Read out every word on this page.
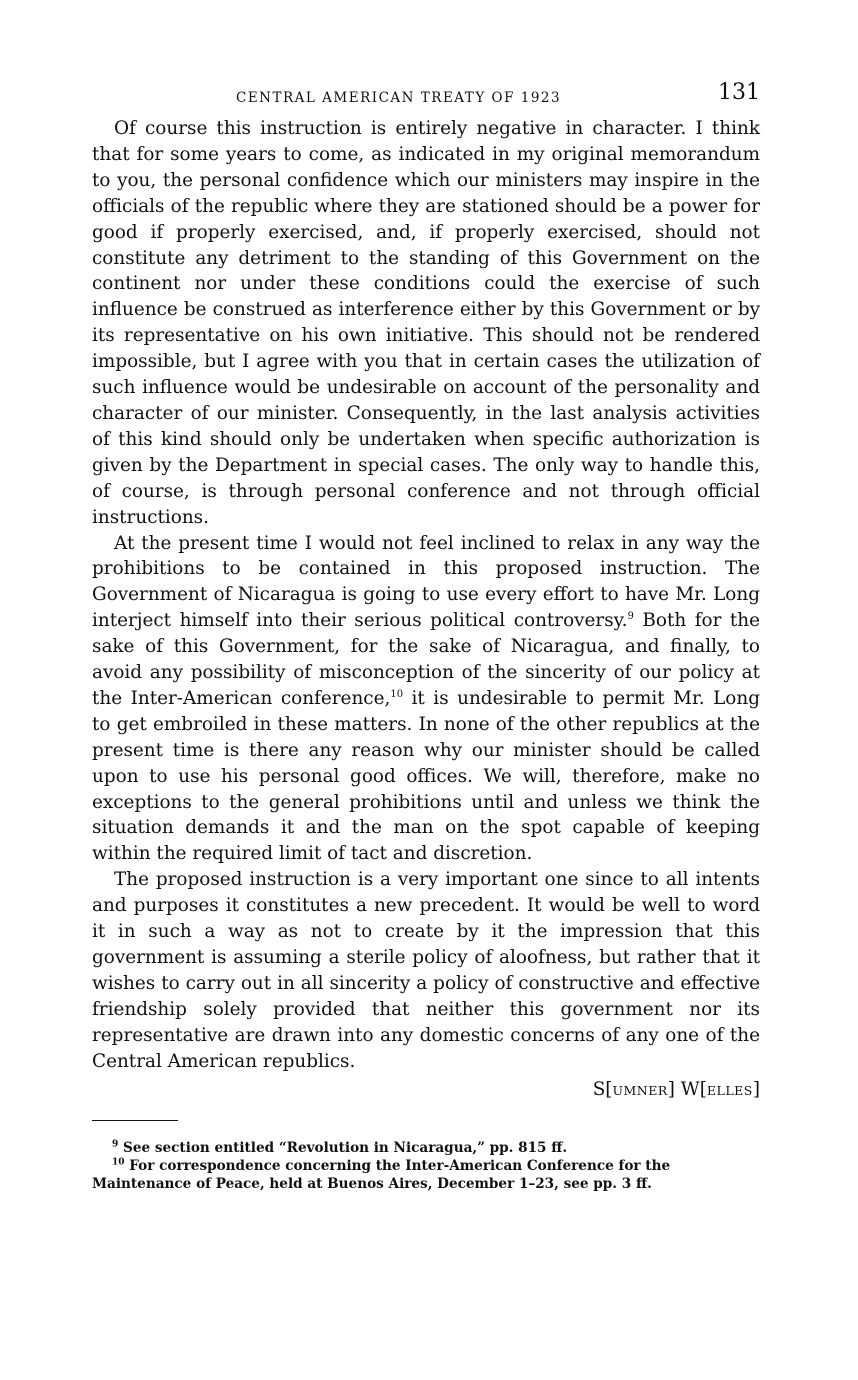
CENTRAL AMERICAN TREATY OF 1923	131

Of course this instruction is entirely negative in character. I think that for some years to come, as indicated in my original memorandum to you, the personal confidence which our ministers may inspire in the officials of the republic where they are stationed should be a power for good if properly exercised, and, if properly exercised, should not constitute any detriment to the standing of this Government on the continent nor under these conditions could the exercise of such influence be construed as interference either by this Government or by its representative on his own initiative. This should not be rendered impossible, but I agree with you that in certain cases the utilization of such influence would be undesirable on account of the personality and character of our minister. Consequently, in the last analysis activities of this kind should only be undertaken when specific authorization is given by the Department in special cases. The only way to handle this, of course, is through personal conference and not through official instructions.

At the present time I would not feel inclined to relax in any way the prohibitions to be contained in this proposed instruction. The Government of Nicaragua is going to use every effort to have Mr. Long interject himself into their serious political controversy.$^9$ Both for the sake of this Government, for the sake of Nicaragua, and finally, to avoid any possibility of misconception of the sincerity of our policy at the Inter-American conference,$^{10}$ it is undesirable to permit Mr. Long to get embroiled in these matters. In none of the other republics at the present time is there any reason why our minister should be called upon to use his personal good offices. We will, therefore, make no exceptions to the general prohibitions until and unless we think the situation demands it and the man on the spot capable of keeping within the required limit of tact and discretion.

The proposed instruction is a very important one since to all intents and purposes it constitutes a new precedent. It would be well to word it in such a way as not to create by it the impression that this government is assuming a sterile policy of aloofness, but rather that it wishes to carry out in all sincerity a policy of constructive and effective friendship solely provided that neither this government nor its representative are drawn into any domestic concerns of any one of the Central American republics.

S[UMNER] W[ELLES]

$^9$ See section entitled “Revolution in Nicaragua,” pp. 815 ff.

$^{10}$ For correspondence concerning the Inter-American Conference for the Maintenance of Peace, held at Buenos Aires, December 1–23, see pp. 3 ff.
